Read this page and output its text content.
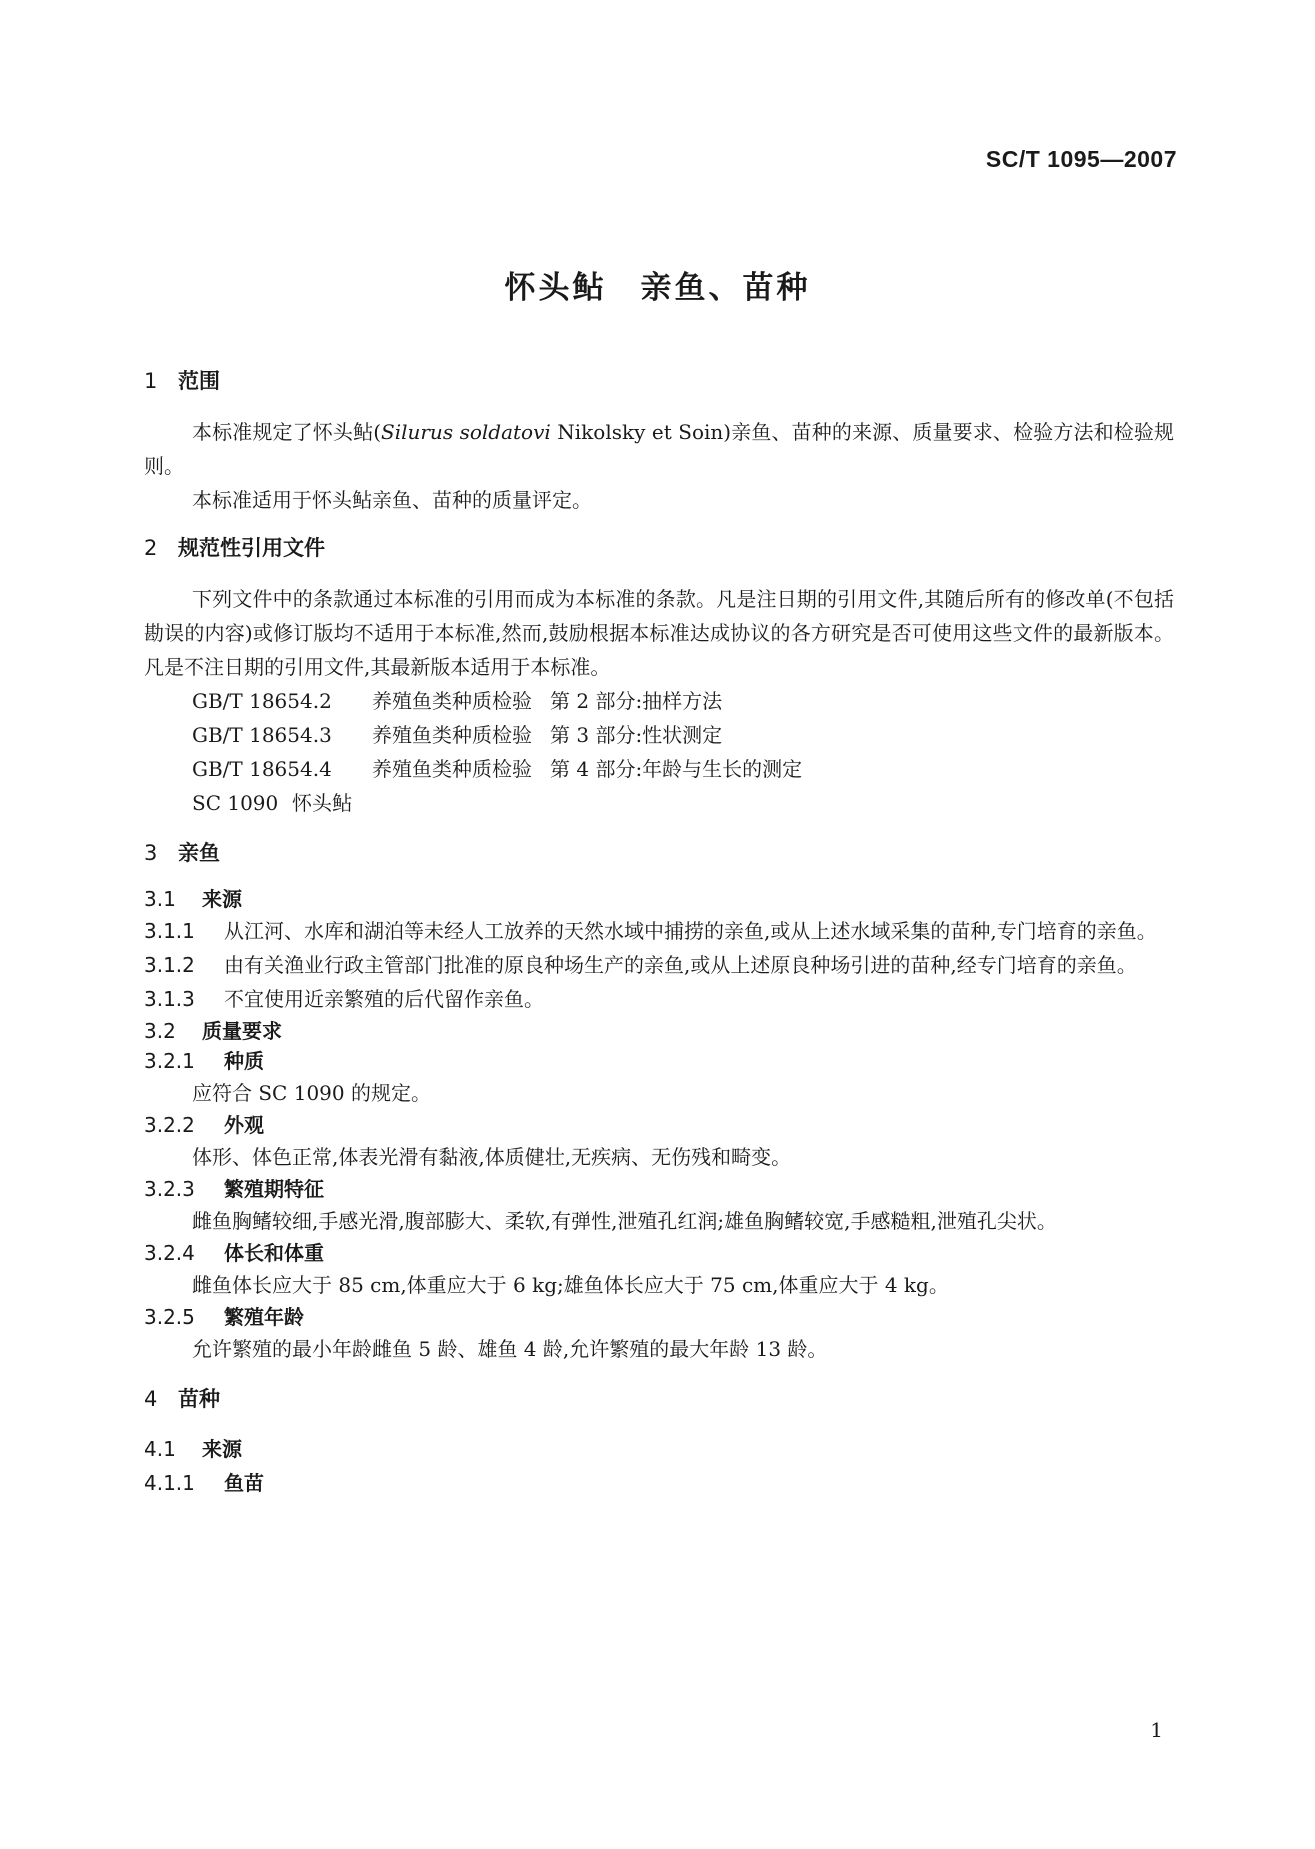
SC/T 1095—2007
怀头鲇 亲鱼、苗种
1 范围

本标准规定了怀头鲇(Silurus soldatovi Nikolsky et Soin)亲鱼、苗种的来源、质量要求、检验方法和检验规则。

本标准适用于怀头鲇亲鱼、苗种的质量评定。

2 规范性引用文件

下列文件中的条款通过本标准的引用而成为本标准的条款。凡是注日期的引用文件,其随后所有的修改单(不包括勘误的内容)或修订版均不适用于本标准,然而,鼓励根据本标准达成协议的各方研究是否可使用这些文件的最新版本。凡是不注日期的引用文件,其最新版本适用于本标准。

GB/T 18654.2 养殖鱼类种质检验 第 2 部分:抽样方法
GB/T 18654.3 养殖鱼类种质检验 第 3 部分:性状测定
GB/T 18654.4 养殖鱼类种质检验 第 4 部分:年龄与生长的测定
SC 1090 怀头鲇
3 亲鱼
3.1 来源

3.1.1 从江河、水库和湖泊等未经人工放养的天然水域中捕捞的亲鱼,或从上述水域采集的苗种,专门培育的亲鱼。

3.1.2 由有关渔业行政主管部门批准的原良种场生产的亲鱼,或从上述原良种场引进的苗种,经专门培育的亲鱼。

3.1.3 不宜使用近亲繁殖的后代留作亲鱼。

3.2 质量要求
3.2.1 种质

应符合 SC 1090 的规定。

3.2.2 外观

体形、体色正常,体表光滑有黏液,体质健壮,无疾病、无伤残和畸变。

3.2.3 繁殖期特征

雌鱼胸鳍较细,手感光滑,腹部膨大、柔软,有弹性,泄殖孔红润;雄鱼胸鳍较宽,手感糙粗,泄殖孔尖状。

3.2.4 体长和体重

雌鱼体长应大于 85 cm,体重应大于 6 kg;雄鱼体长应大于 75 cm,体重应大于 4 kg。

3.2.5 繁殖年龄

允许繁殖的最小年龄雌鱼 5 龄、雄鱼 4 龄,允许繁殖的最大年龄 13 龄。

4 苗种
4.1 来源
4.1.1 鱼苗
1
